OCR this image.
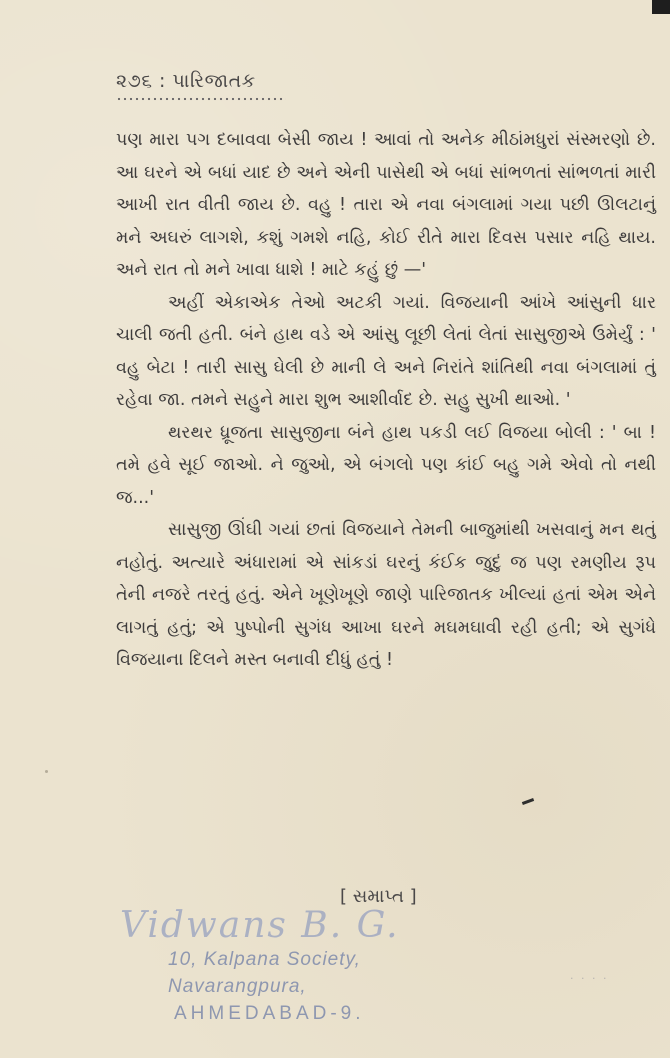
૨૭૬ : પારિજાતક

પણ મારા પગ દબાવવા બેસી જાય ! આવાં તો અનેક મીઠાંમધુરાં સંસ્મરણો છે. આ ઘરને એ બધાં યાદ છે અને એની પાસેથી એ બધાં સાંભળતાં સાંભળતાં મારી આખી રાત વીતી જાય છે. વહુ ! તારા એ નવા બંગલામાં ગયા પછી ઊલટાનું મને અઘરું લાગશે, કશું ગમશે નહિ, કોઈ રીતે મારા દિવસ પસાર નહિ થાય. અને રાત તો મને ખાવા ધાશે ! માટે કહું છું —'

અહીં એકાએક તેઓ અટકી ગયાં. વિજયાની આંખે આંસુની ધાર ચાલી જતી હતી. બંને હાથ વડે એ આંસુ લૂછી લેતાં લેતાં સાસુજીએ ઉમેર્યું : ' વહુ બેટા ! તારી સાસુ ઘેલી છે માની લે અને નિરાંતે શાંતિથી નવા બંગલામાં તું રહેવા જા. તમને સહુને મારા શુભ આશીર્વાદ છે. સહુ સુખી થાઓ. '

થરથર ધ્રૂજતા સાસુજીના બંને હાથ પકડી લઈ વિજયા બોલી : ' બા ! તમે હવે સૂઈ જાઓ. ને જુઓ, એ બંગલો પણ કાંઈ બહુ ગમે એવો તો નથી જ...'

સાસુજી ઊંઘી ગયાં છતાં વિજયાને તેમની બાજુમાંથી ખસવાનું મન થતું નહોતું. અત્યારે અંધારામાં એ સાંકડાં ઘરનું કંઈક જુદું જ પણ રમણીય રૂપ તેની નજરે તરતું હતું. એને ખૂણેખૂણે જાણે પારિજાતક ખીલ્યાં હતાં એમ એને લાગતું હતું; એ પુષ્પોની સુગંધ આખા ઘરને મઘમઘાવી રહી હતી; એ સુગંધે વિજયાના દિલને મસ્ત બનાવી દીધું હતું !

[ સમાપ્ત ]
Vidwans B. G.
10, Kalpana Society,
Navarangpura,
AHMEDABAD-9.
· · · ·
